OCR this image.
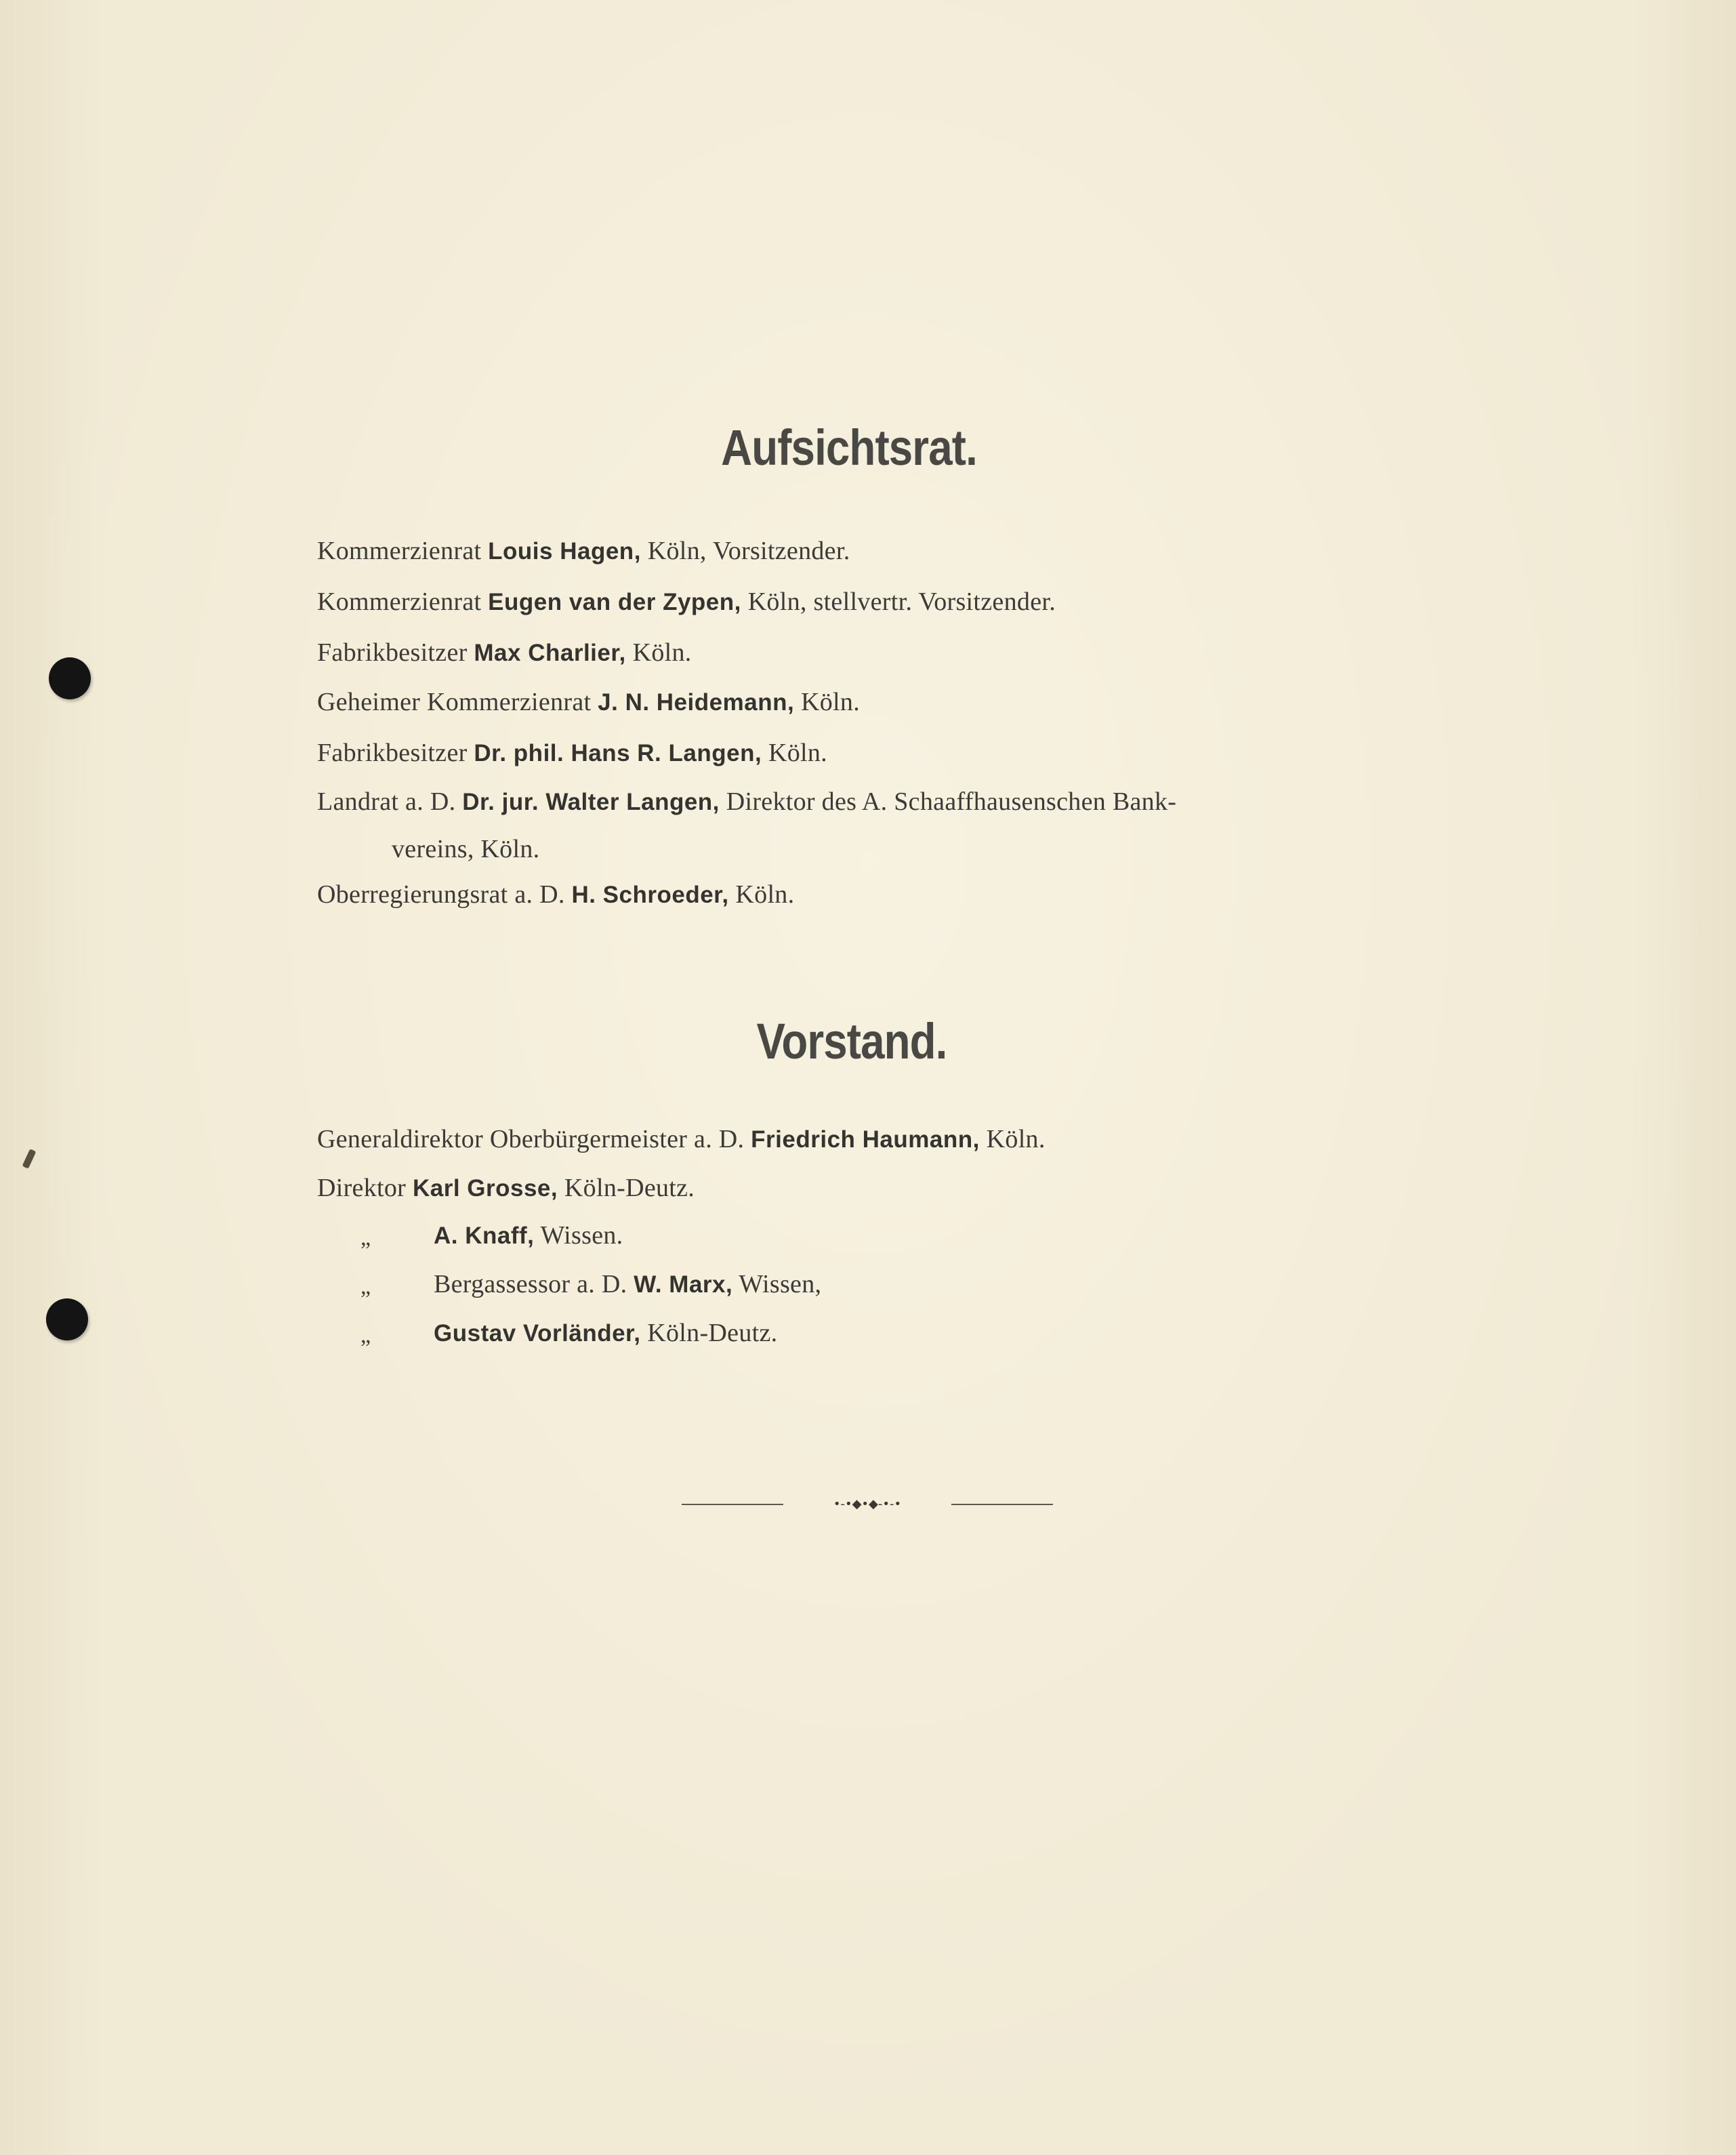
Aufsichtsrat.
Kommerzienrat Louis Hagen, Köln, Vorsitzender.
Kommerzienrat Eugen van der Zypen, Köln, stellvertr. Vorsitzender.
Fabrikbesitzer Max Charlier, Köln.
Geheimer Kommerzienrat J. N. Heidemann, Köln.
Fabrikbesitzer Dr. phil. Hans R. Langen, Köln.
Landrat a. D. Dr. jur. Walter Langen, Direktor des A. Schaaffhausenschen Bank-
vereins, Köln.
Oberregierungsrat a. D. H. Schroeder, Köln.
Vorstand.
Generaldirektor Oberbürgermeister a. D. Friedrich Haumann, Köln.
Direktor Karl Grosse, Köln-Deutz.
„	A. Knaff, Wissen.
„ Bergassessor a. D. W. Marx, Wissen,
„	Gustav Vorländer, Köln-Deutz.
•-•◆•◆-•-•
